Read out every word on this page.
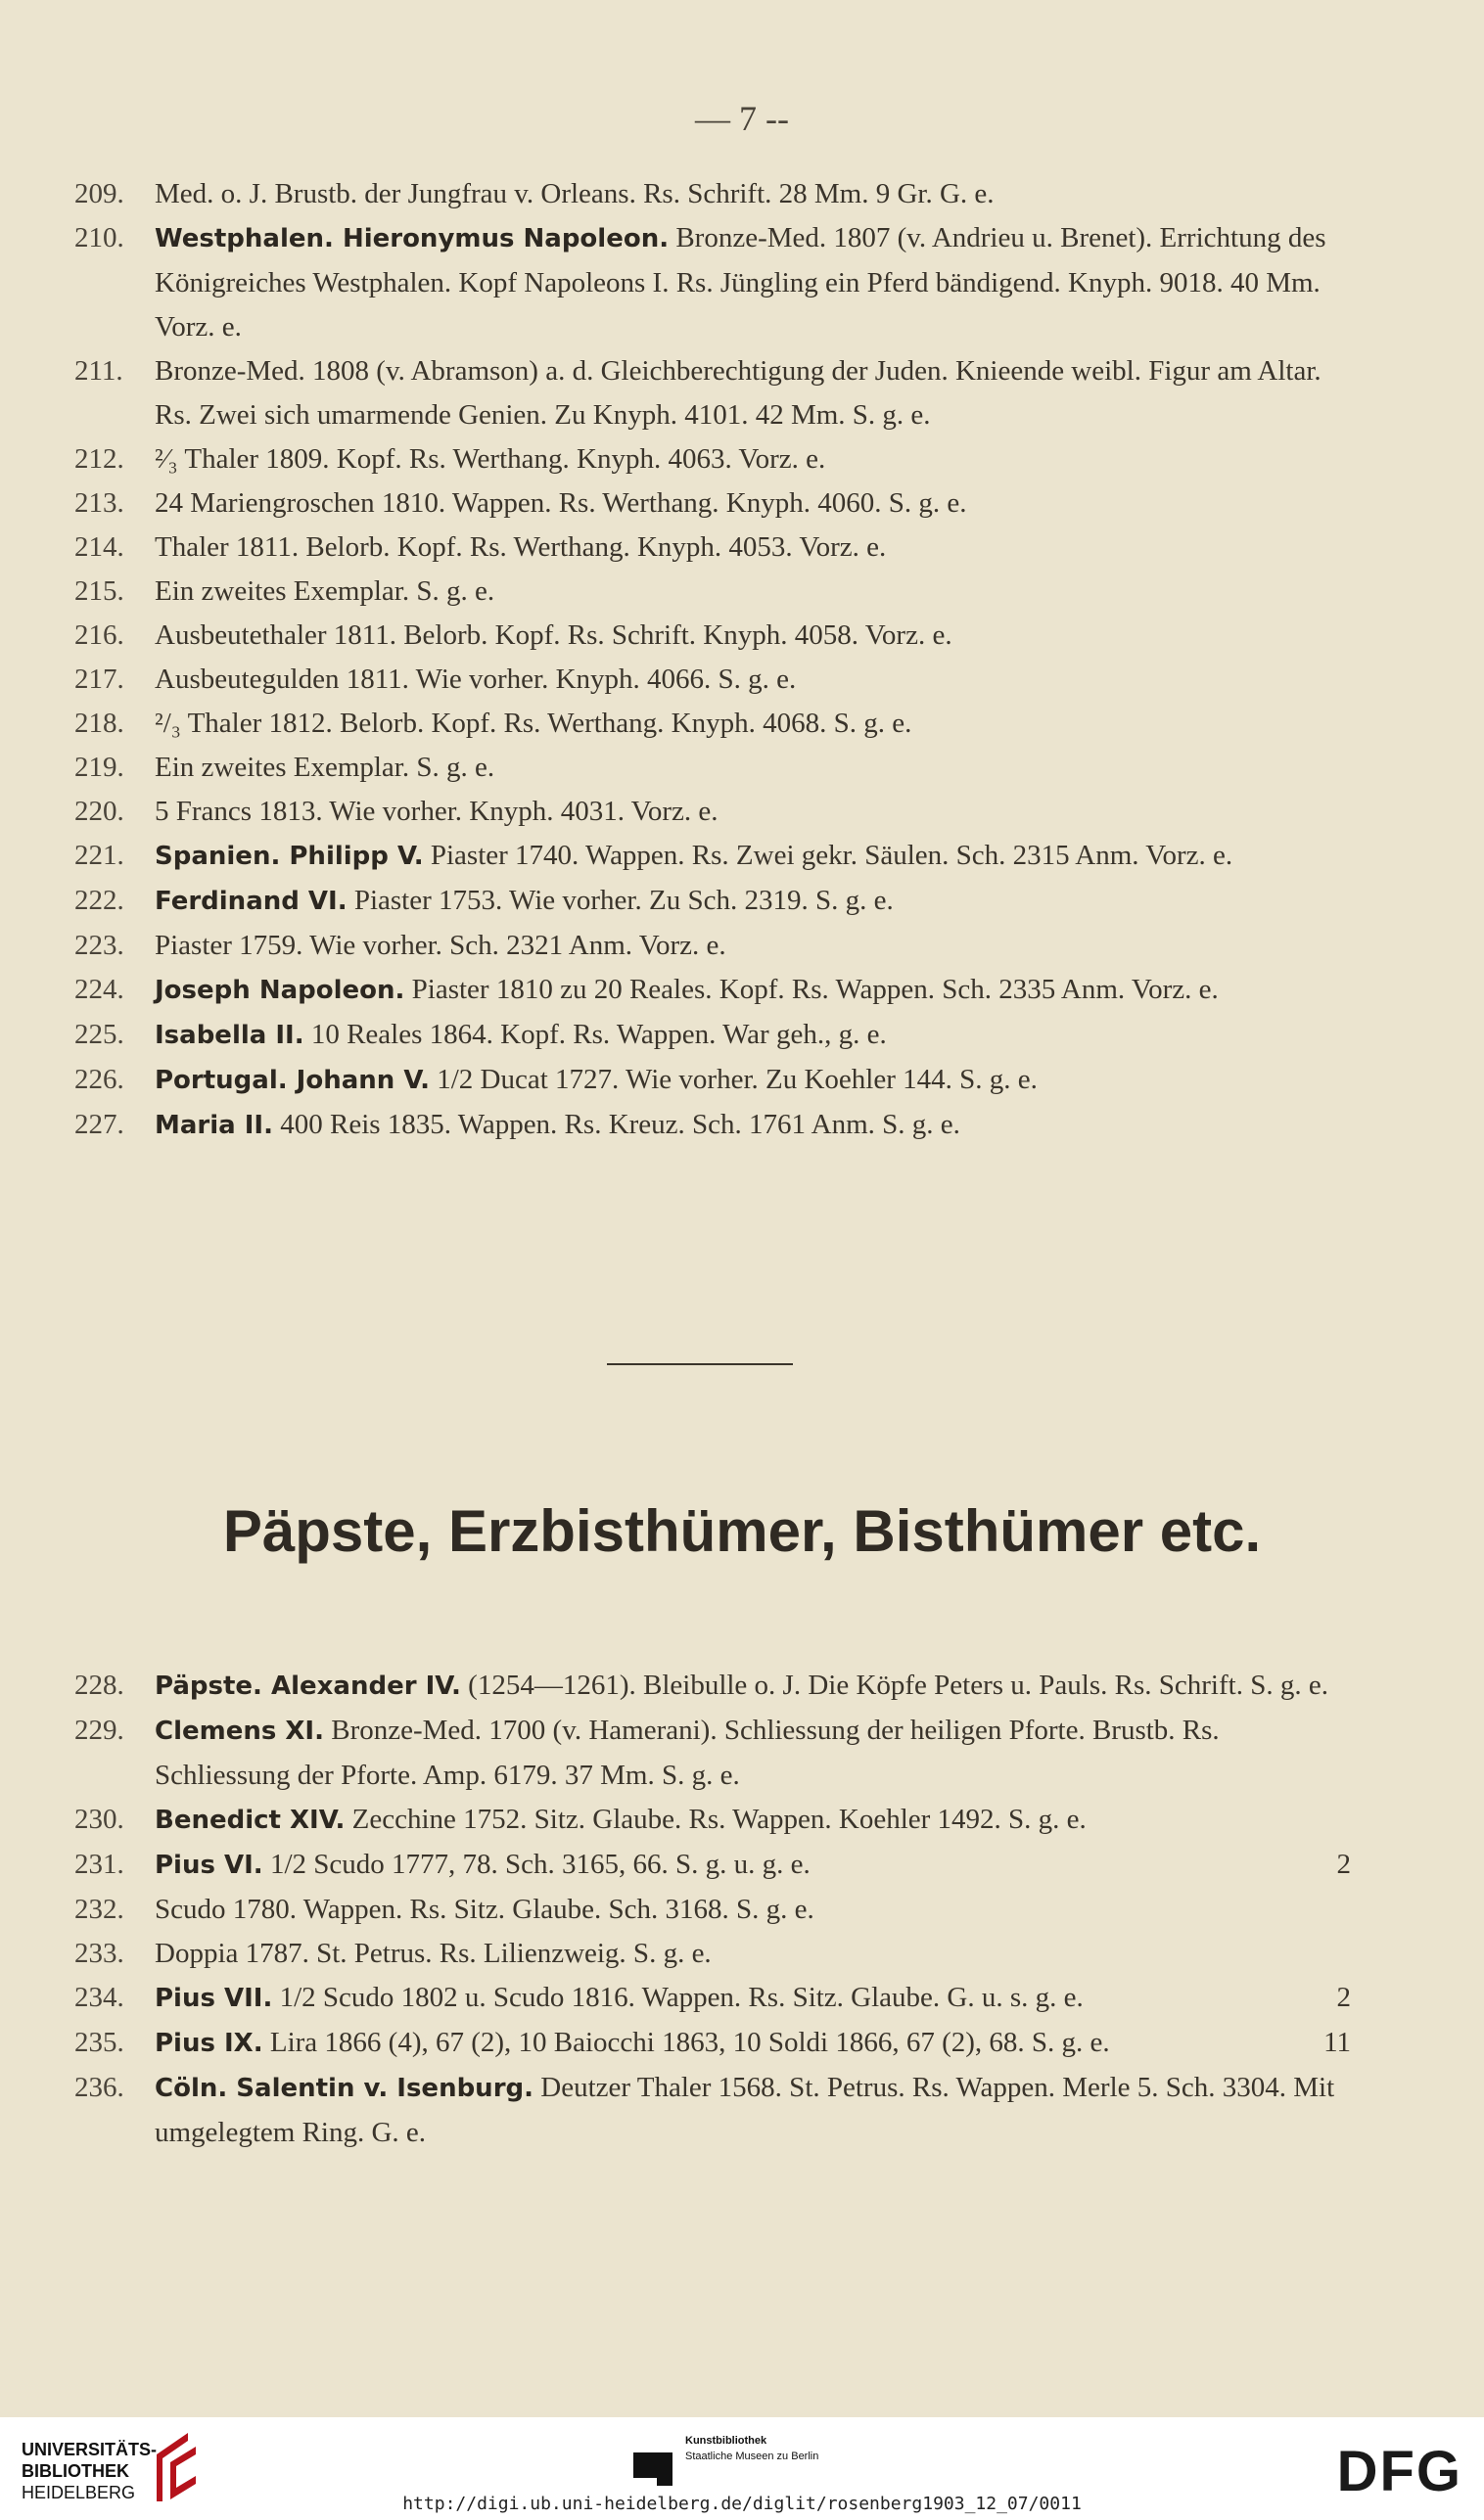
— 7 --
209.	Med. o. J. Brustb. der Jungfrau v. Orleans. Rs. Schrift. 28 Mm. 9 Gr. G. e.
210.	Westphalen. Hieronymus Napoleon. Bronze-Med. 1807 (v. Andrieu u. Brenet). Errichtung des Königreiches Westphalen. Kopf Napoleons I. Rs. Jüngling ein Pferd bändigend. Knyph. 9018. 40 Mm. Vorz. e.
211.	Bronze-Med. 1808 (v. Abramson) a. d. Gleichberechtigung der Juden. Knieende weibl. Figur am Altar. Rs. Zwei sich umarmende Genien. Zu Knyph. 4101. 42 Mm. S. g. e.
212.	²⁄₃ Thaler 1809. Kopf. Rs. Werthang. Knyph. 4063. Vorz. e.
213.	24 Mariengroschen 1810. Wappen. Rs. Werthang. Knyph. 4060. S. g. e.
214.	Thaler 1811. Belorb. Kopf. Rs. Werthang. Knyph. 4053. Vorz. e.
215.	Ein zweites Exemplar. S. g. e.
216.	Ausbeutethaler 1811. Belorb. Kopf. Rs. Schrift. Knyph. 4058. Vorz. e.
217.	Ausbeutegulden 1811. Wie vorher. Knyph. 4066. S. g. e.
218.	²/₃ Thaler 1812. Belorb. Kopf. Rs. Werthang. Knyph. 4068. S. g. e.
219.	Ein zweites Exemplar. S. g. e.
220.	5 Francs 1813. Wie vorher. Knyph. 4031. Vorz. e.
221.	Spanien. Philipp V. Piaster 1740. Wappen. Rs. Zwei gekr. Säulen. Sch. 2315 Anm. Vorz. e.
222.	Ferdinand VI. Piaster 1753. Wie vorher. Zu Sch. 2319. S. g. e.
223.	Piaster 1759. Wie vorher. Sch. 2321 Anm. Vorz. e.
224.	Joseph Napoleon. Piaster 1810 zu 20 Reales. Kopf. Rs. Wappen. Sch. 2335 Anm. Vorz. e.
225.	Isabella II. 10 Reales 1864. Kopf. Rs. Wappen. War geh., g. e.
226.	Portugal. Johann V. 1/2 Ducat 1727. Wie vorher. Zu Koehler 144. S. g. e.
227.	Maria II. 400 Reis 1835. Wappen. Rs. Kreuz. Sch. 1761 Anm. S. g. e.
Päpste, Erzbisthümer, Bisthümer etc.
228.	Päpste. Alexander IV. (1254—1261). Bleibulle o. J. Die Köpfe Peters u. Pauls. Rs. Schrift. S. g. e.
229.	Clemens XI. Bronze-Med. 1700 (v. Hamerani). Schliessung der heiligen Pforte. Brustb. Rs. Schliessung der Pforte. Amp. 6179. 37 Mm. S. g. e.
230.	Benedict XIV. Zecchine 1752. Sitz. Glaube. Rs. Wappen. Koehler 1492. S. g. e.
231.	Pius VI. 1/2 Scudo 1777, 78. Sch. 3165, 66. S. g. u. g. e.	2
232.	Scudo 1780. Wappen. Rs. Sitz. Glaube. Sch. 3168. S. g. e.
233.	Doppia 1787. St. Petrus. Rs. Lilienzweig. S. g. e.
234.	Pius VII. 1/2 Scudo 1802 u. Scudo 1816. Wappen. Rs. Sitz. Glaube. G. u. s. g. e.	2
235.	Pius IX. Lira 1866 (4), 67 (2), 10 Baiocchi 1863, 10 Soldi 1866, 67 (2), 68. S. g. e.	11
236.	Cöln. Salentin v. Isenburg. Deutzer Thaler 1568. St. Petrus. Rs. Wappen. Merle 5. Sch. 3304. Mit umgelegtem Ring. G. e.
UNIVERSITÄTS-
BIBLIOTHEK
HEIDELBERG
Kunstbibliothek
Staatliche Museen zu Berlin	DFG
http://digi.ub.uni-heidelberg.de/diglit/rosenberg1903_12_07/0011
